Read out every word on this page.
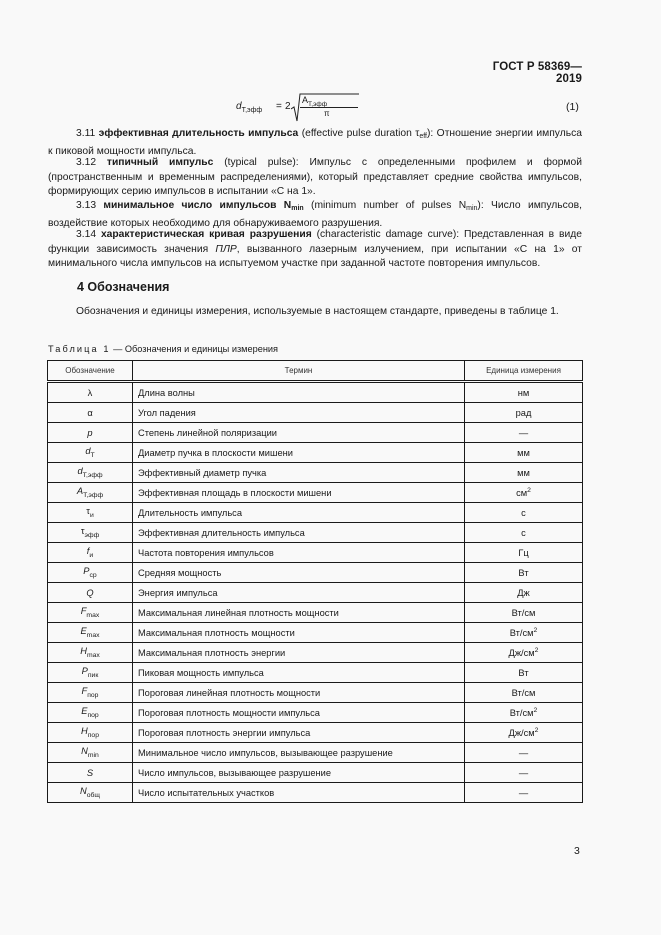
ГОСТ Р 58369—2019
$d_{T,эфф} = 2$
$A_{T,эфф}$
π
(1)
3.11 эффективная длительность импульса (effective pulse duration $\tau_{eff}$): Отношение энергии импульса к пиковой мощности импульса.
3.12 типичный импульс (typical pulse): Импульс с определенными профилем и формой (пространственным и временным распределениями), который представляет средние свойства импульсов, формирующих серию импульсов в испытании «С на 1».
3.13 минимальное число импульсов $N_{min}$ (minimum number of pulses $N_{min}$): Число импульсов, воздействие которых необходимо для обнаруживаемого разрушения.
3.14 характеристическая кривая разрушения (characteristic damage curve): Представленная в виде функции зависимость значения ПЛР, вызванного лазерным излучением, при испытании «С на 1» от минимального числа импульсов на испытуемом участке при заданной частоте повторения импульсов.
4 Обозначения
Обозначения и единицы измерения, используемые в настоящем стандарте, приведены в таблице 1.
Таблица 1 — Обозначения и единицы измерения
Обозначение	Термин	Единица измерения
λ	Длина волны	нм
α	Угол падения	рад
p	Степень линейной поляризации	—
$d_T$	Диаметр пучка в плоскости мишени	мм
$d_{T,эфф}$	Эффективный диаметр пучка	мм
$A_{T,эфф}$	Эффективная площадь в плоскости мишени	$см^2$
$\tau_и$	Длительность импульса	с
$\tau_{эфф}$	Эффективная длительность импульса	с
$f_и$	Частота повторения импульсов	Гц
$P_{ср}$	Средняя мощность	Вт
Q	Энергия импульса	Дж
$F_{max}$	Максимальная линейная плотность мощности	Вт/см
$E_{max}$	Максимальная плотность мощности	$Вт/см^2$
$H_{max}$	Максимальная плотность энергии	$Дж/см^2$
$P_{пик}$	Пиковая мощность импульса	Вт
$F_{пор}$	Пороговая линейная плотность мощности	Вт/см
$E_{пор}$	Пороговая плотность мощности импульса	$Вт/см^2$
$H_{пор}$	Пороговая плотность энергии импульса	$Дж/см^2$
$N_{min}$	Минимальное число импульсов, вызывающее разрушение	—
S	Число импульсов, вызывающее разрушение	—
$N_{общ}$	Число испытательных участков	—
3
